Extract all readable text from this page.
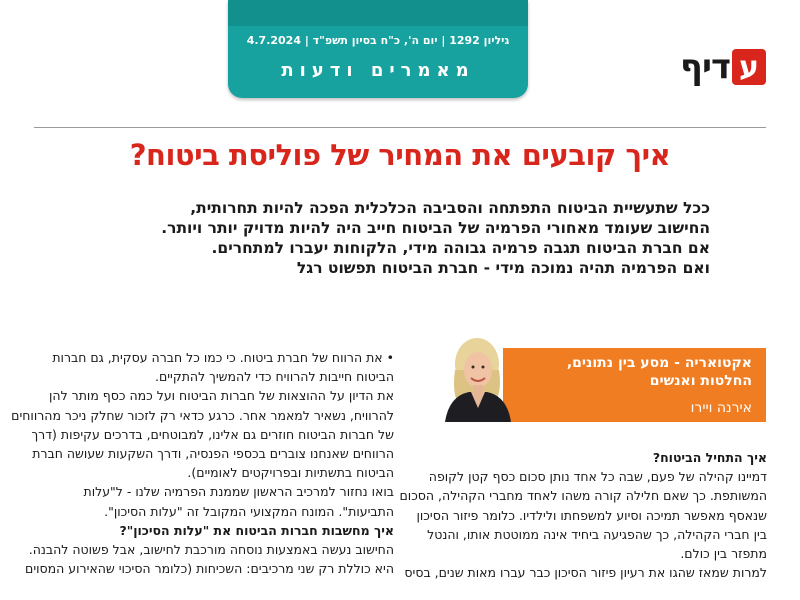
ע
דיף
גיליון 1292 | יום ה', כ"ח בסיון תשפ"ד | 4.7.2024
מאמרים ודעות
איך קובעים את המחיר של פוליסת ביטוח?
ככל שתעשיית הביטוח התפתחה והסביבה הכלכלית הפכה להיות תחרותית,
החישוב שעומד מאחורי הפרמיה של הביטוח חייב היה להיות מדויק יותר ויותר.
אם חברת הביטוח תגבה פרמיה גבוהה מידי, הלקוחות יעברו למתחרים.
ואם הפרמיה תהיה נמוכה מידי - חברת הביטוח תפשוט רגל
אקטואריה - מסע בין נתונים,
החלטות ואנשים
אירנה ויירו
איך התחיל הביטוח?
דמיינו קהילה של פעם, שבה כל אחד נותן סכום כסף קטן לקופה
המשותפת. כך שאם חלילה קורה משהו לאחד מחברי הקהילה, הסכום
שנאסף מאפשר תמיכה וסיוע למשפחתו ולילדיו. כלומר פיזור הסיכון
בין חברי הקהילה, כך שהפגיעה ביחיד אינה ממוטטת אותו, והנטל
מתפזר בין כולם.
למרות שמאז שהגו את רעיון פיזור הסיכון כבר עברו מאות שנים, בסיס
• את הרווח של חברת ביטוח. כי כמו כל חברה עסקית, גם חברות
הביטוח חייבות להרוויח כדי להמשיך להתקיים.
את הדיון על ההוצאות של חברות הביטוח ועל כמה כסף מותר להן
להרוויח, נשאיר למאמר אחר. כרגע כדאי רק לזכור שחלק ניכר מהרווחים
של חברות הביטוח חוזרים גם אלינו, למבוטחים, בדרכים עקיפות (דרך
הרווחים שאנחנו צוברים בכספי הפנסיה, ודרך השקעות שעושה חברת
הביטוח בתשתיות ובפרויקטים לאומיים).
בואו נחזור למרכיב הראשון שממנת הפרמיה שלנו - ל"עלות
התביעות". המונח המקצועי המקובל זה "עלות הסיכון".
איך מחשבות חברות הביטוח את "עלות הסיכון"?
החישוב נעשה באמצעות נוסחה מורכבת לחישוב, אבל פשוטה להבנה.
היא כוללת רק שני מרכיבים: השכיחות (כלומר הסיכוי שהאירוע המסוים
